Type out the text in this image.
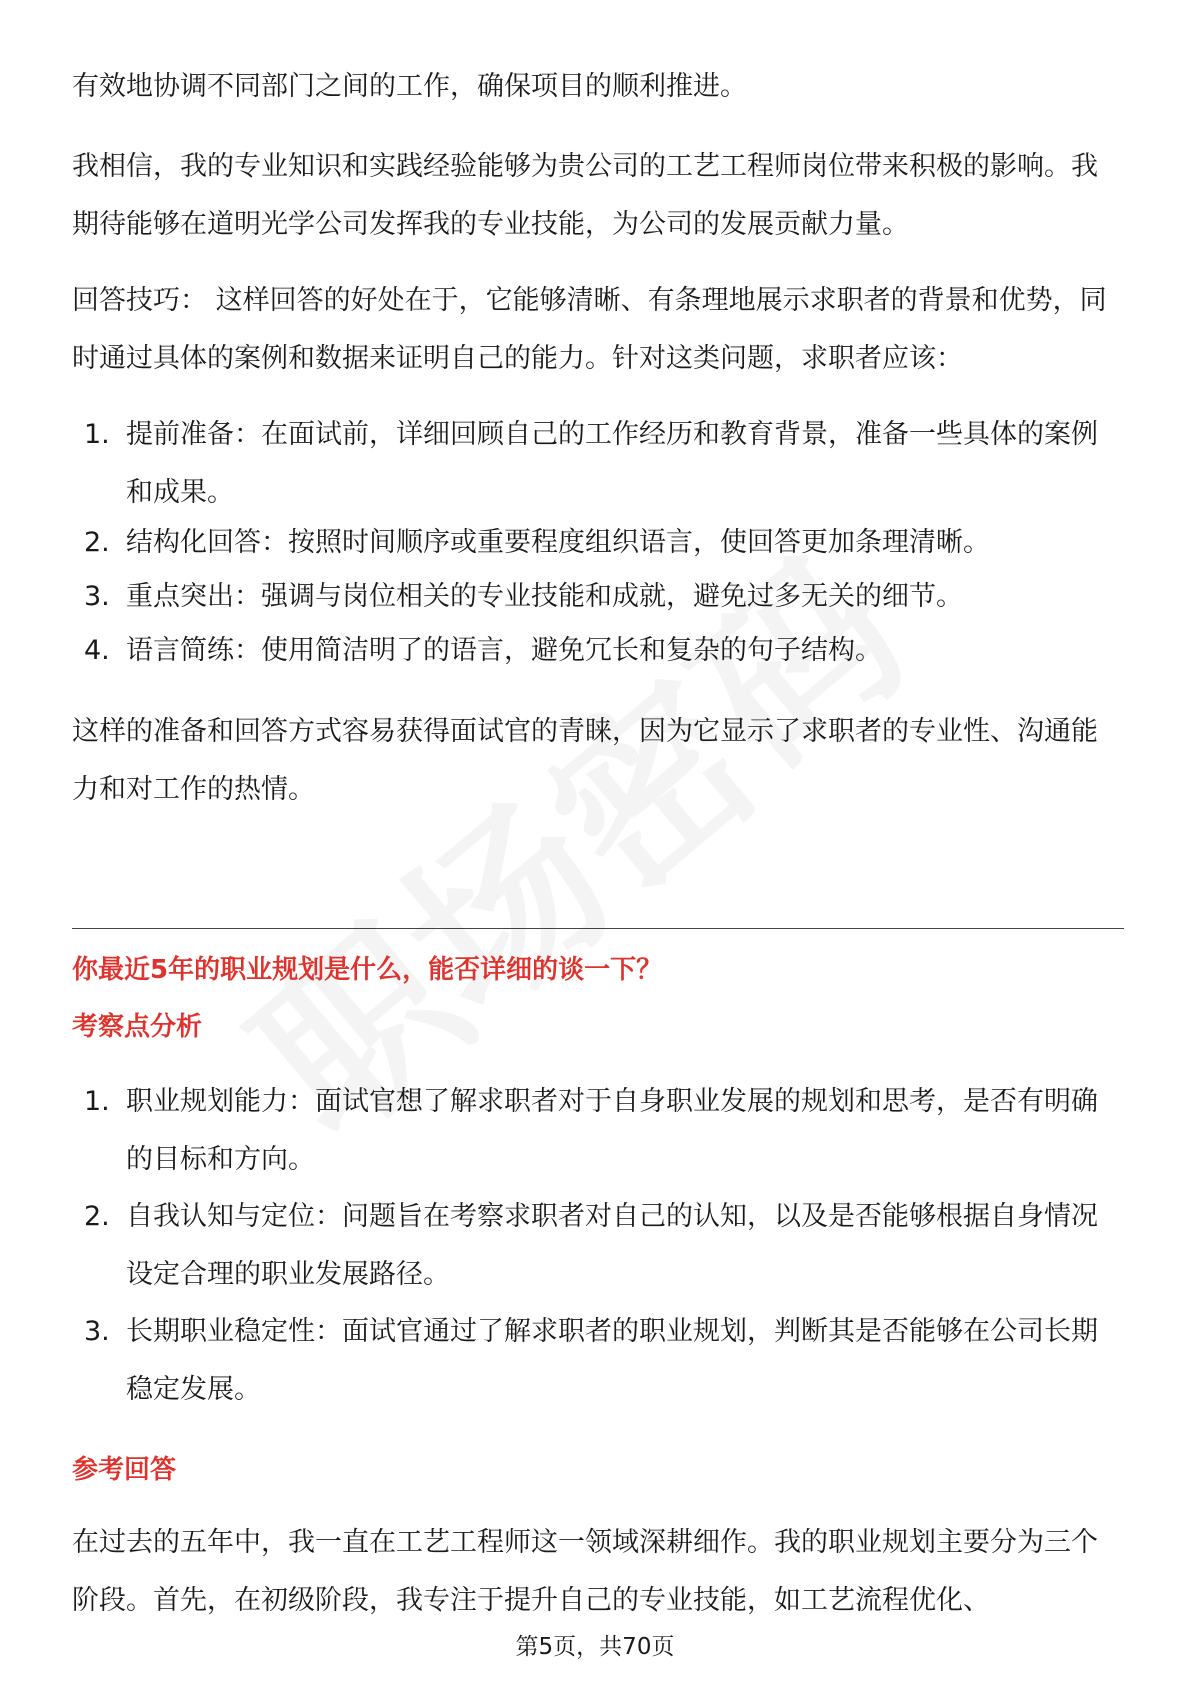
有效地协调不同部门之间的工作，确保项目的顺利推进。

我相信，我的专业知识和实践经验能够为贵公司的工艺工程师岗位带来积极的影响。我期待能够在道明光学公司发挥我的专业技能，为公司的发展贡献力量。

回答技巧： 这样回答的好处在于，它能够清晰、有条理地展示求职者的背景和优势，同时通过具体的案例和数据来证明自己的能力。针对这类问题，求职者应该：

1. 提前准备：在面试前，详细回顾自己的工作经历和教育背景，准备一些具体的案例和成果。
2. 结构化回答：按照时间顺序或重要程度组织语言，使回答更加条理清晰。
3. 重点突出：强调与岗位相关的专业技能和成就，避免过多无关的细节。
4. 语言简练：使用简洁明了的语言，避免冗长和复杂的句子结构。

这样的准备和回答方式容易获得面试官的青睐，因为它显示了求职者的专业性、沟通能力和对工作的热情。

你最近5年的职业规划是什么，能否详细的谈一下？
考察点分析
1. 职业规划能力：面试官想了解求职者对于自身职业发展的规划和思考，是否有明确的目标和方向。
2. 自我认知与定位：问题旨在考察求职者对自己的认知，以及是否能够根据自身情况设定合理的职业发展路径。
3. 长期职业稳定性：面试官通过了解求职者的职业规划，判断其是否能够在公司长期稳定发展。
参考回答

在过去的五年中，我一直在工艺工程师这一领域深耕细作。我的职业规划主要分为三个阶段。首先，在初级阶段，我专注于提升自己的专业技能，如工艺流程优化、

第5页，共70页
